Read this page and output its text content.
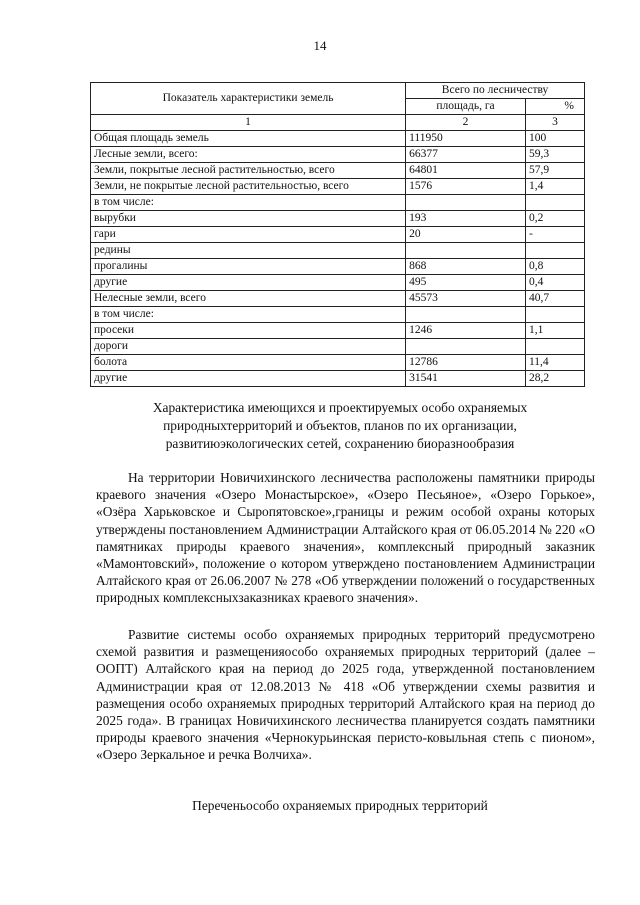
14
Показатель характеристики земель	Всего по лесничеству	
	площадь, га	%
1	2	3
Общая площадь земель	111950	100
Лесные земли, всего:	66377	59,3
Земли, покрытые лесной растительностью, всего	64801	57,9
Земли, не покрытые лесной растительностью, всего	1576	1,4
в том числе:		
вырубки	193	0,2
гари	20	-
редины		
прогалины	868	0,8
другие	495	0,4
Нелесные земли, всего	45573	40,7
в том числе:		
просеки	1246	1,1
дороги		
болота	12786	11,4
другие	31541	28,2
Характеристика имеющихся и проектируемых особо охраняемых
природныхтерриторий и объектов, планов по их организации,
развитиюэкологических сетей, сохранению биоразнообразия

На территории Новичихинского лесничества расположены памятники природы краевого значения «Озеро Монастырское», «Озеро Песьяное», «Озеро Горькое», «Озёра Харьковское и Сыропятовское»,границы и режим особой охраны которых утверждены постановлением Администрации Алтайского края от 06.05.2014 № 220 «О памятниках природы краевого значения», комплексный природный заказник «Мамонтовский», положение о котором утверждено постановлением Администрации Алтайского края от 26.06.2007 № 278 «Об утверждении положений о государственных природных комплексныхзаказниках краевого значения».

Развитие системы особо охраняемых природных территорий предусмотрено схемой развития и размещенияособо охраняемых природных территорий (далее – ООПТ) Алтайского края на период до 2025 года, утвержденной постановлением Администрации края от 12.08.2013 № 418 «Об утверждении схемы развития и размещения особо охраняемых природных территорий Алтайского края на период до 2025 года». В границах Новичихинского лесничества планируется создать памятники природы краевого значения «Чернокурьинская перисто-ковыльная степь с пионом», «Озеро Зеркальное и речка Волчиха».

Переченьособо охраняемых природных территорий
